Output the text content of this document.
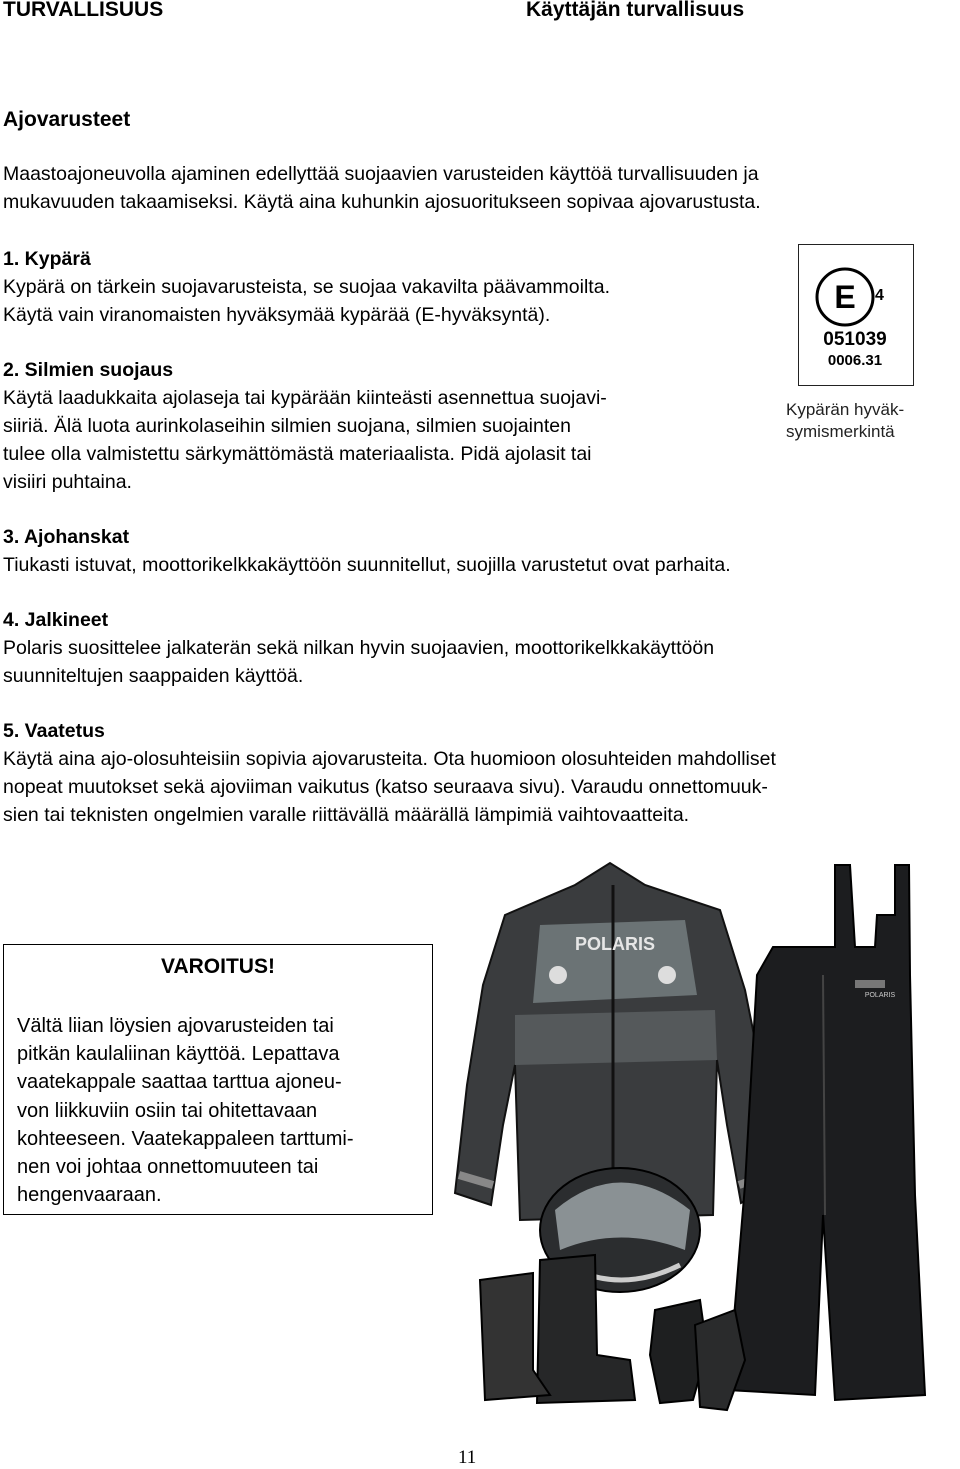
TURVALLISUUS	Käyttäjän turvallisuus
Ajovarusteet
Maastoajoneuvolla ajaminen edellyttää suojaavien varusteiden käyttöä turvallisuuden ja
mukavuuden takaamiseksi. Käytä aina kuhunkin ajosuoritukseen sopivaa ajovarustusta.
1. Kypärä
Kypärä on tärkein suojavarusteista, se suojaa vakavilta päävammoilta.
Käytä vain viranomaisten hyväksymää kypärää (E-hyväksyntä).
2. Silmien suojaus
Käytä laadukkaita ajolaseja tai kypärään kiinteästi asennettua suojavi-
siiriä. Älä luota aurinkolaseihin silmien suojana, silmien suojainten
tulee olla valmistettu särkymättömästä materiaalista. Pidä ajolasit tai
visiiri puhtaina.
3. Ajohanskat
Tiukasti istuvat, moottorikelkkakäyttöön suunnitellut, suojilla varustetut ovat parhaita.
4. Jalkineet
Polaris suosittelee jalkaterän sekä nilkan hyvin suojaavien, moottorikelkkakäyttöön
suunniteltujen saappaiden käyttöä.
5. Vaatetus
Käytä aina ajo-olosuhteisiin sopivia ajovarusteita. Ota huomioon olosuhteiden mahdolliset
nopeat muutokset sekä ajoviiman vaikutus (katso seuraava sivu). Varaudu onnettomuuk-
sien tai teknisten ongelmien varalle riittävällä määrällä lämpimiä vaihtovaatteita.
E 4
051039
0006.31
Kypärän hyväk-
symismerkintä
VAROITUS!
Vältä liian löysien ajovarusteiden tai
pitkän kaulaliinan käyttöä. Lepattava
vaatekappale saattaa tarttua ajoneu-
von liikkuviin osiin tai ohitettavaan
kohteeseen. Vaatekappaleen tarttumi-
nen voi johtaa onnettomuuteen tai
hengenvaaraan.
POLARIS
POLARIS
11
